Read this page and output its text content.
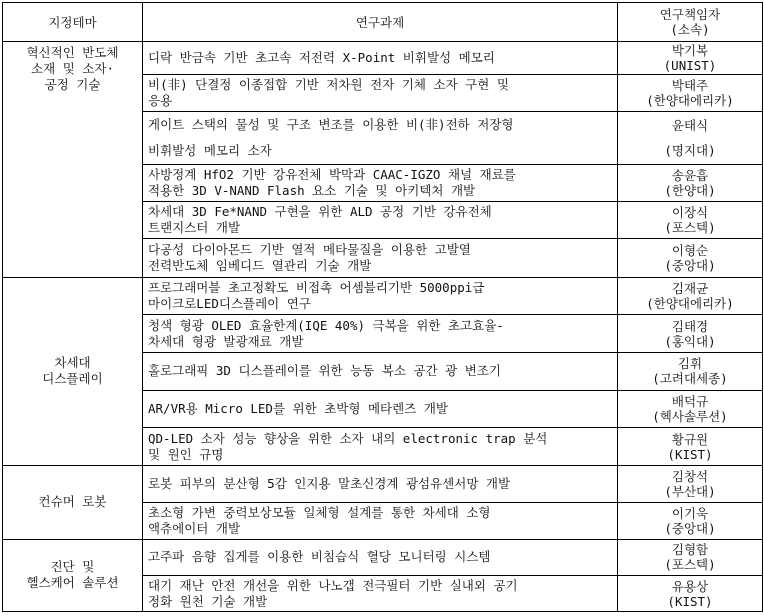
지정테마	연구과제	연구책임자
(소속)

혁신적인 반도체
소재 및 소자·
공정 기술	디락 반금속 기반 초고속 저전력 X-Point 비휘발성 메모리	박기복
(UNIST)

	비(非) 단결정 이종접합 기반 저차원 전자 기체 소자 구현 및
응용	박태주
(한양대에리카)

	게이트 스택의 물성 및 구조 변조를 이용한 비(非)전하 저장형
비휘발성 메모리 소자	윤태식
(명지대)

	사방정계 HfO2 기반 강유전체 박막과 CAAC-IGZO 채널 재료를
적용한 3D V-NAND Flash 요소 기술 및 아키텍처 개발	송윤흡
(한양대)

	차세대 3D Fe*NAND 구현을 위한 ALD 공정 기반 강유전체
트랜지스터 개발	이장식
(포스텍)

	다공성 다이아몬드 기반 열적 메타물질을 이용한 고발열
전력반도체 임베디드 열관리 기술 개발	이형순
(중앙대)

차세대
디스플레이	프로그래머블 초고정확도 비접촉 어셈블리기반 5000ppi급
마이크로LED디스플레이 연구	김재균
(한양대에리카)

	청색 형광 OLED 효율한계(IQE 40%) 극복을 위한 초고효율-
차세대 형광 발광재료 개발	김태경
(홍익대)

	홀로그래픽 3D 디스플레이를 위한 능동 복소 공간 광 변조기	김휘
(고려대세종)

	AR/VR용 Micro LED를 위한 초박형 메타렌즈 개발	배덕규
(헥사솔루션)

	QD-LED 소자 성능 향상을 위한 소자 내의 electronic trap 분석
및 원인 규명	황규원
(KIST)

컨슈머 로봇	로봇 피부의 분산형 5감 인지용 말초신경계 광섬유센서망 개발	김창석
(부산대)

	초소형 가변 중력보상모듈 일체형 설계를 통한 차세대 소형
액츄에이터 개발	이기욱
(중앙대)

진단 및
헬스케어 솔루션	고주파 음향 집게를 이용한 비침습식 혈당 모니터링 시스템	김형함
(포스텍)

	대기 재난 안전 개선을 위한 나노갭 전극필터 기반 실내외 공기
정화 원천 기술 개발	유용상
(KIST)
